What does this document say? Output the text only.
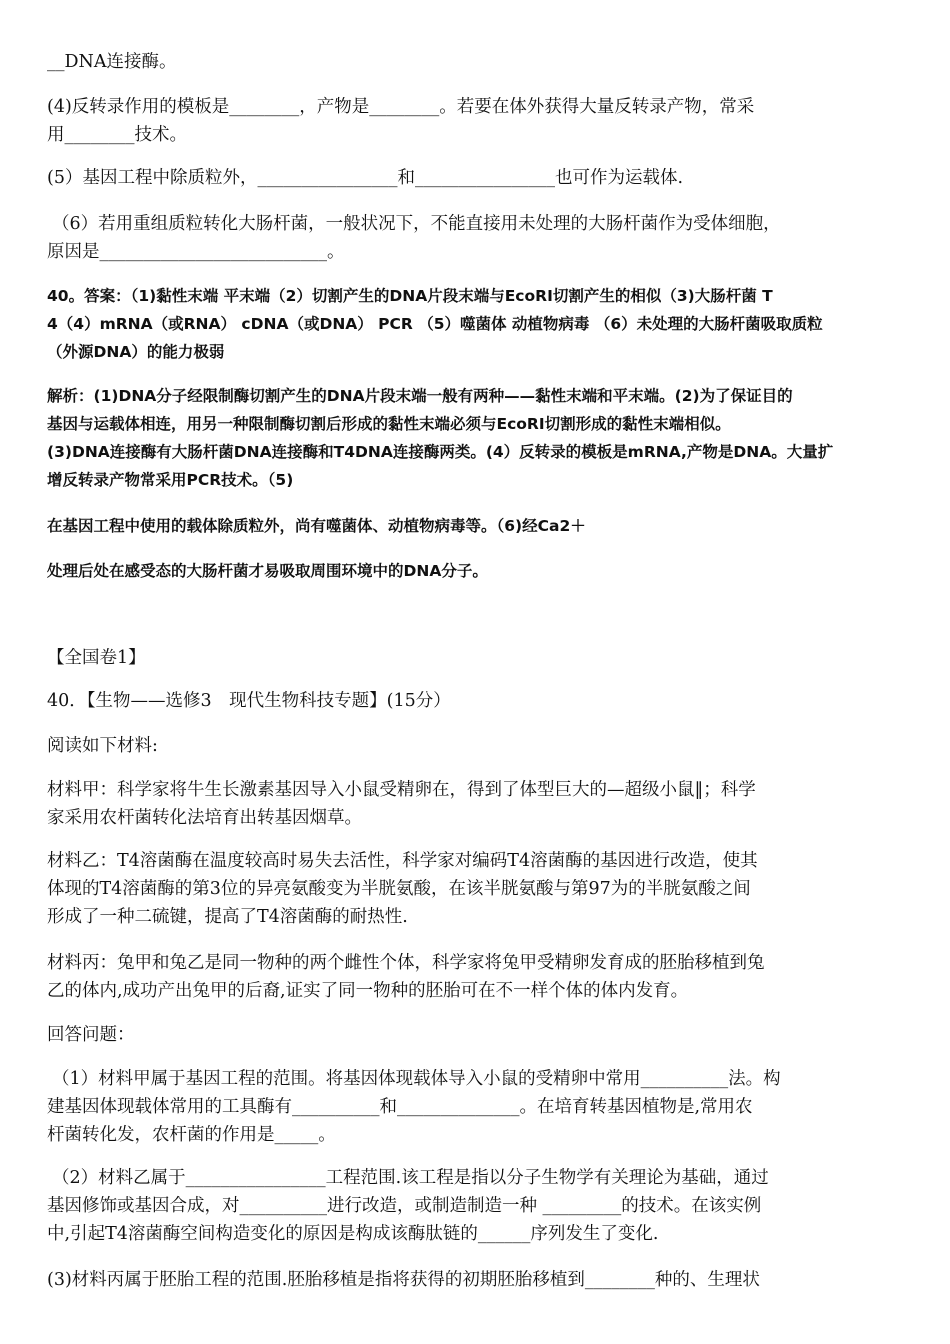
__DNA连接酶。
(4)反转录作用的模板是________，产物是________。若要在体外获得大量反转录产物，常采
用________技术。
(5）基因工程中除质粒外，________________和________________也可作为运载体.
（6）若用重组质粒转化大肠杆菌，一般状况下，不能直接用未处理的大肠杆菌作为受体细胞，
原因是__________________________。
40。答案：（1)黏性末端 平末端（2）切割产生的DNA片段末端与EcoRⅠ切割产生的相似（3)大肠杆菌 T
4（4）mRNA（或RNA） cDNA（或DNA） PCR （5）噬菌体 动植物病毒 （6）未处理的大肠杆菌吸取质粒
（外源DNA）的能力极弱
解析：(1)DNA分子经限制酶切割产生的DNA片段末端一般有两种——黏性末端和平末端。(2)为了保证目的
基因与运载体相连，用另一种限制酶切割后形成的黏性末端必须与EcoRⅠ切割形成的黏性末端相似。
(3)DNA连接酶有大肠杆菌DNA连接酶和T4DNA连接酶两类。(4）反转录的模板是mRNA,产物是DNA。大量扩
增反转录产物常采用PCR技术。（5)
在基因工程中使用的载体除质粒外，尚有噬菌体、动植物病毒等。（6)经Ca2＋
处理后处在感受态的大肠杆菌才易吸取周围环境中的DNA分子。
【全国卷1】
40．【生物——选修3　现代生物科技专题】(15分）
阅读如下材料:
材料甲：科学家将牛生长激素基因导入小鼠受精卵在，得到了体型巨大的—超级小鼠‖；科学
家采用农杆菌转化法培育出转基因烟草。
材料乙：T4溶菌酶在温度较高时易失去活性，科学家对编码T4溶菌酶的基因进行改造，使其
体现的T4溶菌酶的第3位的异亮氨酸变为半胱氨酸，在该半胱氨酸与第97为的半胱氨酸之间
形成了一种二硫键，提高了T4溶菌酶的耐热性.
材料丙：兔甲和兔乙是同一物种的两个雌性个体，科学家将兔甲受精卵发育成的胚胎移植到兔
乙的体内,成功产出兔甲的后裔,证实了同一物种的胚胎可在不一样个体的体内发育。
回答问题：
（1）材料甲属于基因工程的范围。将基因体现载体导入小鼠的受精卵中常用__________法。构
建基因体现载体常用的工具酶有__________和______________。在培育转基因植物是,常用农
杆菌转化发，农杆菌的作用是_____。
（2）材料乙属于________________工程范围.该工程是指以分子生物学有关理论为基础，通过
基因修饰或基因合成，对__________进行改造，或制造制造一种 _________的技术。在该实例
中,引起T4溶菌酶空间构造变化的原因是构成该酶肽链的______序列发生了变化.
(3)材料丙属于胚胎工程的范围.胚胎移植是指将获得的初期胚胎移植到________种的、生理状
